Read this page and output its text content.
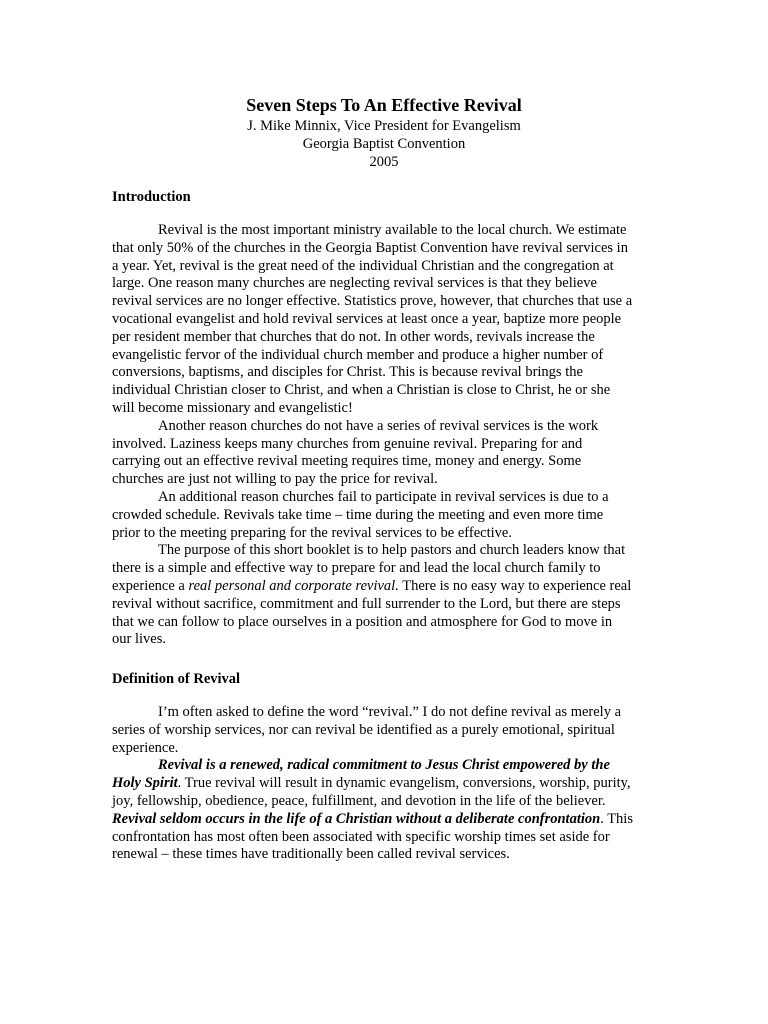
Seven Steps To An Effective Revival
J. Mike Minnix, Vice President for Evangelism
Georgia Baptist Convention
2005
Introduction
Revival is the most important ministry available to the local church. We estimate
that only 50% of the churches in the Georgia Baptist Convention have revival services in
a year. Yet, revival is the great need of the individual Christian and the congregation at
large. One reason many churches are neglecting revival services is that they believe
revival services are no longer effective. Statistics prove, however, that churches that use a
vocational evangelist and hold revival services at least once a year, baptize more people
per resident member that churches that do not. In other words, revivals increase the
evangelistic fervor of the individual church member and produce a higher number of
conversions, baptisms, and disciples for Christ. This is because revival brings the
individual Christian closer to Christ, and when a Christian is close to Christ, he or she
will become missionary and evangelistic!
Another reason churches do not have a series of revival services is the work
involved. Laziness keeps many churches from genuine revival. Preparing for and
carrying out an effective revival meeting requires time, money and energy. Some
churches are just not willing to pay the price for revival.
An additional reason churches fail to participate in revival services is due to a
crowded schedule. Revivals take time – time during the meeting and even more time
prior to the meeting preparing for the revival services to be effective.
The purpose of this short booklet is to help pastors and church leaders know that
there is a simple and effective way to prepare for and lead the local church family to
experience a real personal and corporate revival. There is no easy way to experience real
revival without sacrifice, commitment and full surrender to the Lord, but there are steps
that we can follow to place ourselves in a position and atmosphere for God to move in
our lives.
Definition of Revival
I’m often asked to define the word “revival.” I do not define revival as merely a
series of worship services, nor can revival be identified as a purely emotional, spiritual
experience.
Revival is a renewed, radical commitment to Jesus Christ empowered by the
Holy Spirit. True revival will result in dynamic evangelism, conversions, worship, purity,
joy, fellowship, obedience, peace, fulfillment, and devotion in the life of the believer.
Revival seldom occurs in the life of a Christian without a deliberate confrontation. This
confrontation has most often been associated with specific worship times set aside for
renewal – these times have traditionally been called revival services.
